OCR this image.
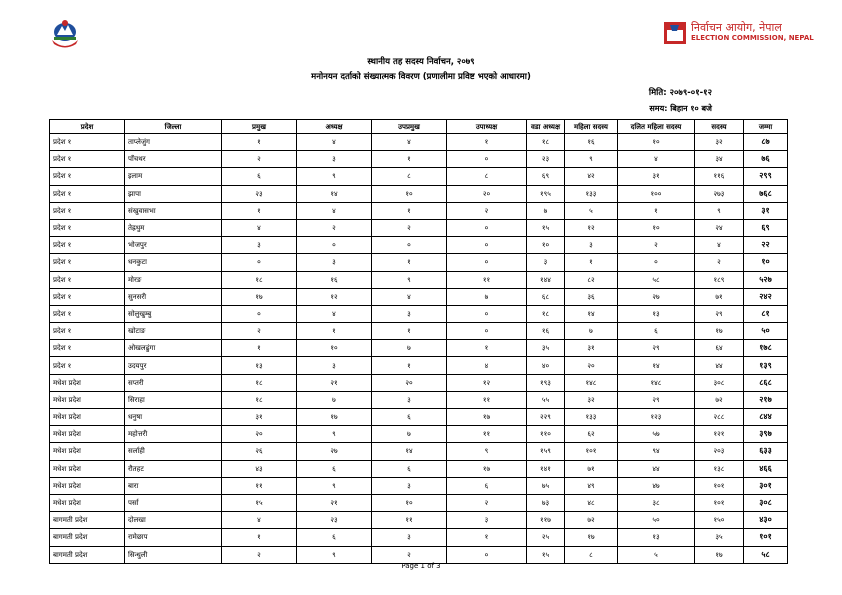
निर्वाचन आयोग, नेपाल
ELECTION COMMISSION, NEPAL
स्थानीय तह सदस्य निर्वाचन, २०७९
मनोनयन दर्ताको संख्यात्मक विवरण (प्रणालीमा प्रविष्ट भएको आधारमा)
मिति: २०७९-०१-१२
समय: बिहान १० बजे
प्रदेश	जिल्ला	प्रमुख	अध्यक्ष	उपप्रमुख	उपाध्यक्ष	वडा अध्यक्ष	महिला सदस्य	दलित महिला सदस्य	सदस्य	जम्मा
प्रदेश १	ताप्लेजुंग	१	४	४	१	१८	१६	१०	३२	८७
प्रदेश १	पाँचथर	२	३	१	०	२३	९	४	३४	७६
प्रदेश १	इलाम	६	९	८	८	६९	४२	३१	११६	२९९
प्रदेश १	झापा	२३	१४	१०	२०	१९५	१३३	१००	२७३	७६८
प्रदेश १	संखुवासभा	१	४	१	२	७	५	१	९	३१
प्रदेश १	तेह्रथुम	४	२	२	०	१५	१२	१०	२४	६९
प्रदेश १	भोजपुर	३	०	०	०	१०	३	२	४	२२
प्रदेश १	धनकुटा	०	३	१	०	३	१	०	२	१०
प्रदेश १	मोरङ	१८	१६	९	११	१४४	८२	५८	१८९	५२७
प्रदेश १	सुनसरी	१७	१२	४	७	६८	३६	२७	७१	२४२
प्रदेश १	सोलुखुम्बु	०	४	३	०	१८	१४	१३	२९	८१
प्रदेश १	खोटाङ	२	१	१	०	१६	७	६	१७	५०
प्रदेश १	ओखलढुंगा	१	१०	७	१	३५	३१	२९	६४	१७८
प्रदेश १	उदयपुर	१३	३	१	४	४०	२०	१४	४४	१३९
मधेश प्रदेश	सप्तरी	१८	२१	२०	१२	१९३	१४८	१४८	३०८	८६८
मधेश प्रदेश	सिराहा	१८	७	३	११	५५	३२	२९	७२	२१७
मधेश प्रदेश	धनुषा	३१	१७	६	१७	२२९	१३३	१२३	२८८	८४४
मधेश प्रदेश	महोत्तरी	२०	९	७	११	११०	६२	५७	१२१	३९७
मधेश प्रदेश	सर्लाही	२६	२७	१४	९	१५९	१०१	९४	२०३	६३३
मधेश प्रदेश	रौतहट	४३	६	६	१७	१४१	७१	४४	१३८	४६६
मधेश प्रदेश	बारा	११	९	३	६	७५	४९	४७	१०१	३०१
मधेश प्रदेश	पर्सा	१५	२१	१०	२	७३	४८	३८	१०१	३०८
बागमती प्रदेश	दोलखा	४	२३	११	३	११७	७२	५०	१५०	४३०
बागमती प्रदेश	रामेछाप	१	६	३	१	२५	१७	१३	३५	१०१
बागमती प्रदेश	सिन्धुली	२	९	२	०	१५	८	५	१७	५८
Page 1 of 3
